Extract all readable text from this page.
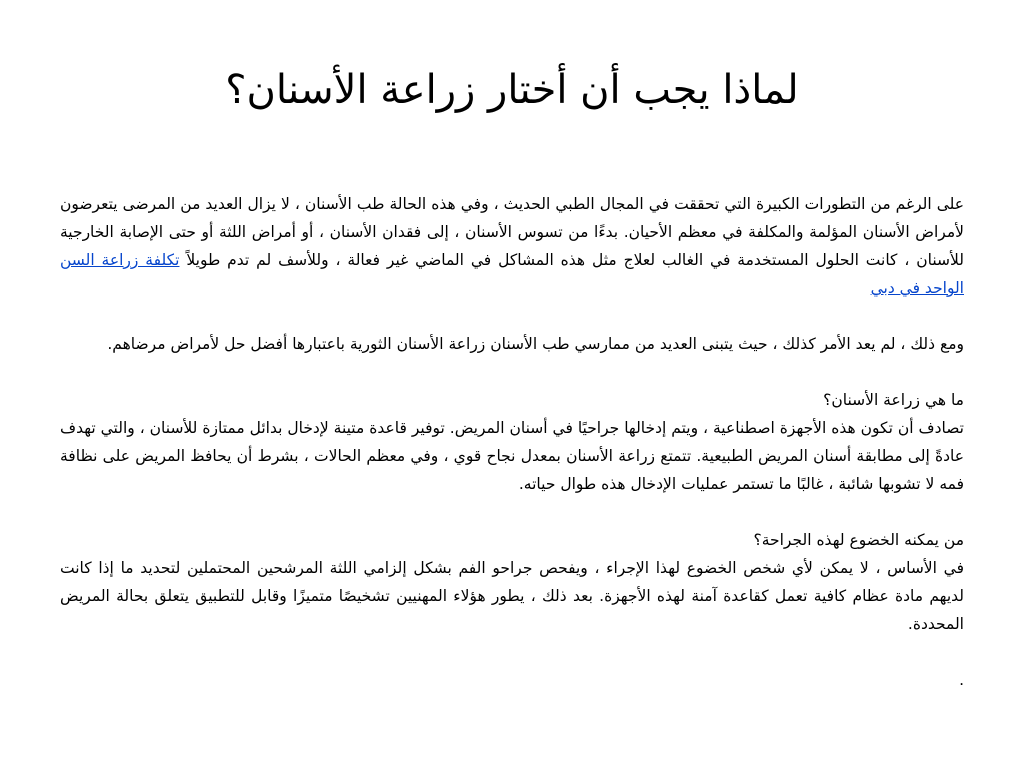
لماذا يجب أن أختار زراعة الأسنان؟

على الرغم من التطورات الكبيرة التي تحققت في المجال الطبي الحديث ، وفي هذه الحالة طب الأسنان ، لا يزال العديد من المرضى يتعرضون لأمراض الأسنان المؤلمة والمكلفة في معظم الأحيان. بدءًا من تسوس الأسنان ، إلى فقدان الأسنان ، أو أمراض اللثة أو حتى الإصابة الخارجية للأسنان ، كانت الحلول المستخدمة في الغالب لعلاج مثل هذه المشاكل في الماضي غير فعالة ، وللأسف لم تدم طويلاً تكلفة زراعة السن الواحد في دبي

ومع ذلك ، لم يعد الأمر كذلك ، حيث يتبنى العديد من ممارسي طب الأسنان زراعة الأسنان الثورية باعتبارها أفضل حل لأمراض مرضاهم.

ما هي زراعة الأسنان؟

تصادف أن تكون هذه الأجهزة اصطناعية ، ويتم إدخالها جراحيًا في أسنان المريض. توفير قاعدة متينة لإدخال بدائل ممتازة للأسنان ، والتي تهدف عادةً إلى مطابقة أسنان المريض الطبيعية. تتمتع زراعة الأسنان بمعدل نجاح قوي ، وفي معظم الحالات ، بشرط أن يحافظ المريض على نظافة فمه لا تشوبها شائبة ، غالبًا ما تستمر عمليات الإدخال هذه طوال حياته.

من يمكنه الخضوع لهذه الجراحة؟

في الأساس ، لا يمكن لأي شخص الخضوع لهذا الإجراء ، ويفحص جراحو الفم بشكل إلزامي اللثة المرشحين المحتملين لتحديد ما إذا كانت لديهم مادة عظام كافية تعمل كقاعدة آمنة لهذه الأجهزة. بعد ذلك ، يطور هؤلاء المهنيين تشخيصًا متميزًا وقابل للتطبيق يتعلق بحالة المريض المحددة.

.
